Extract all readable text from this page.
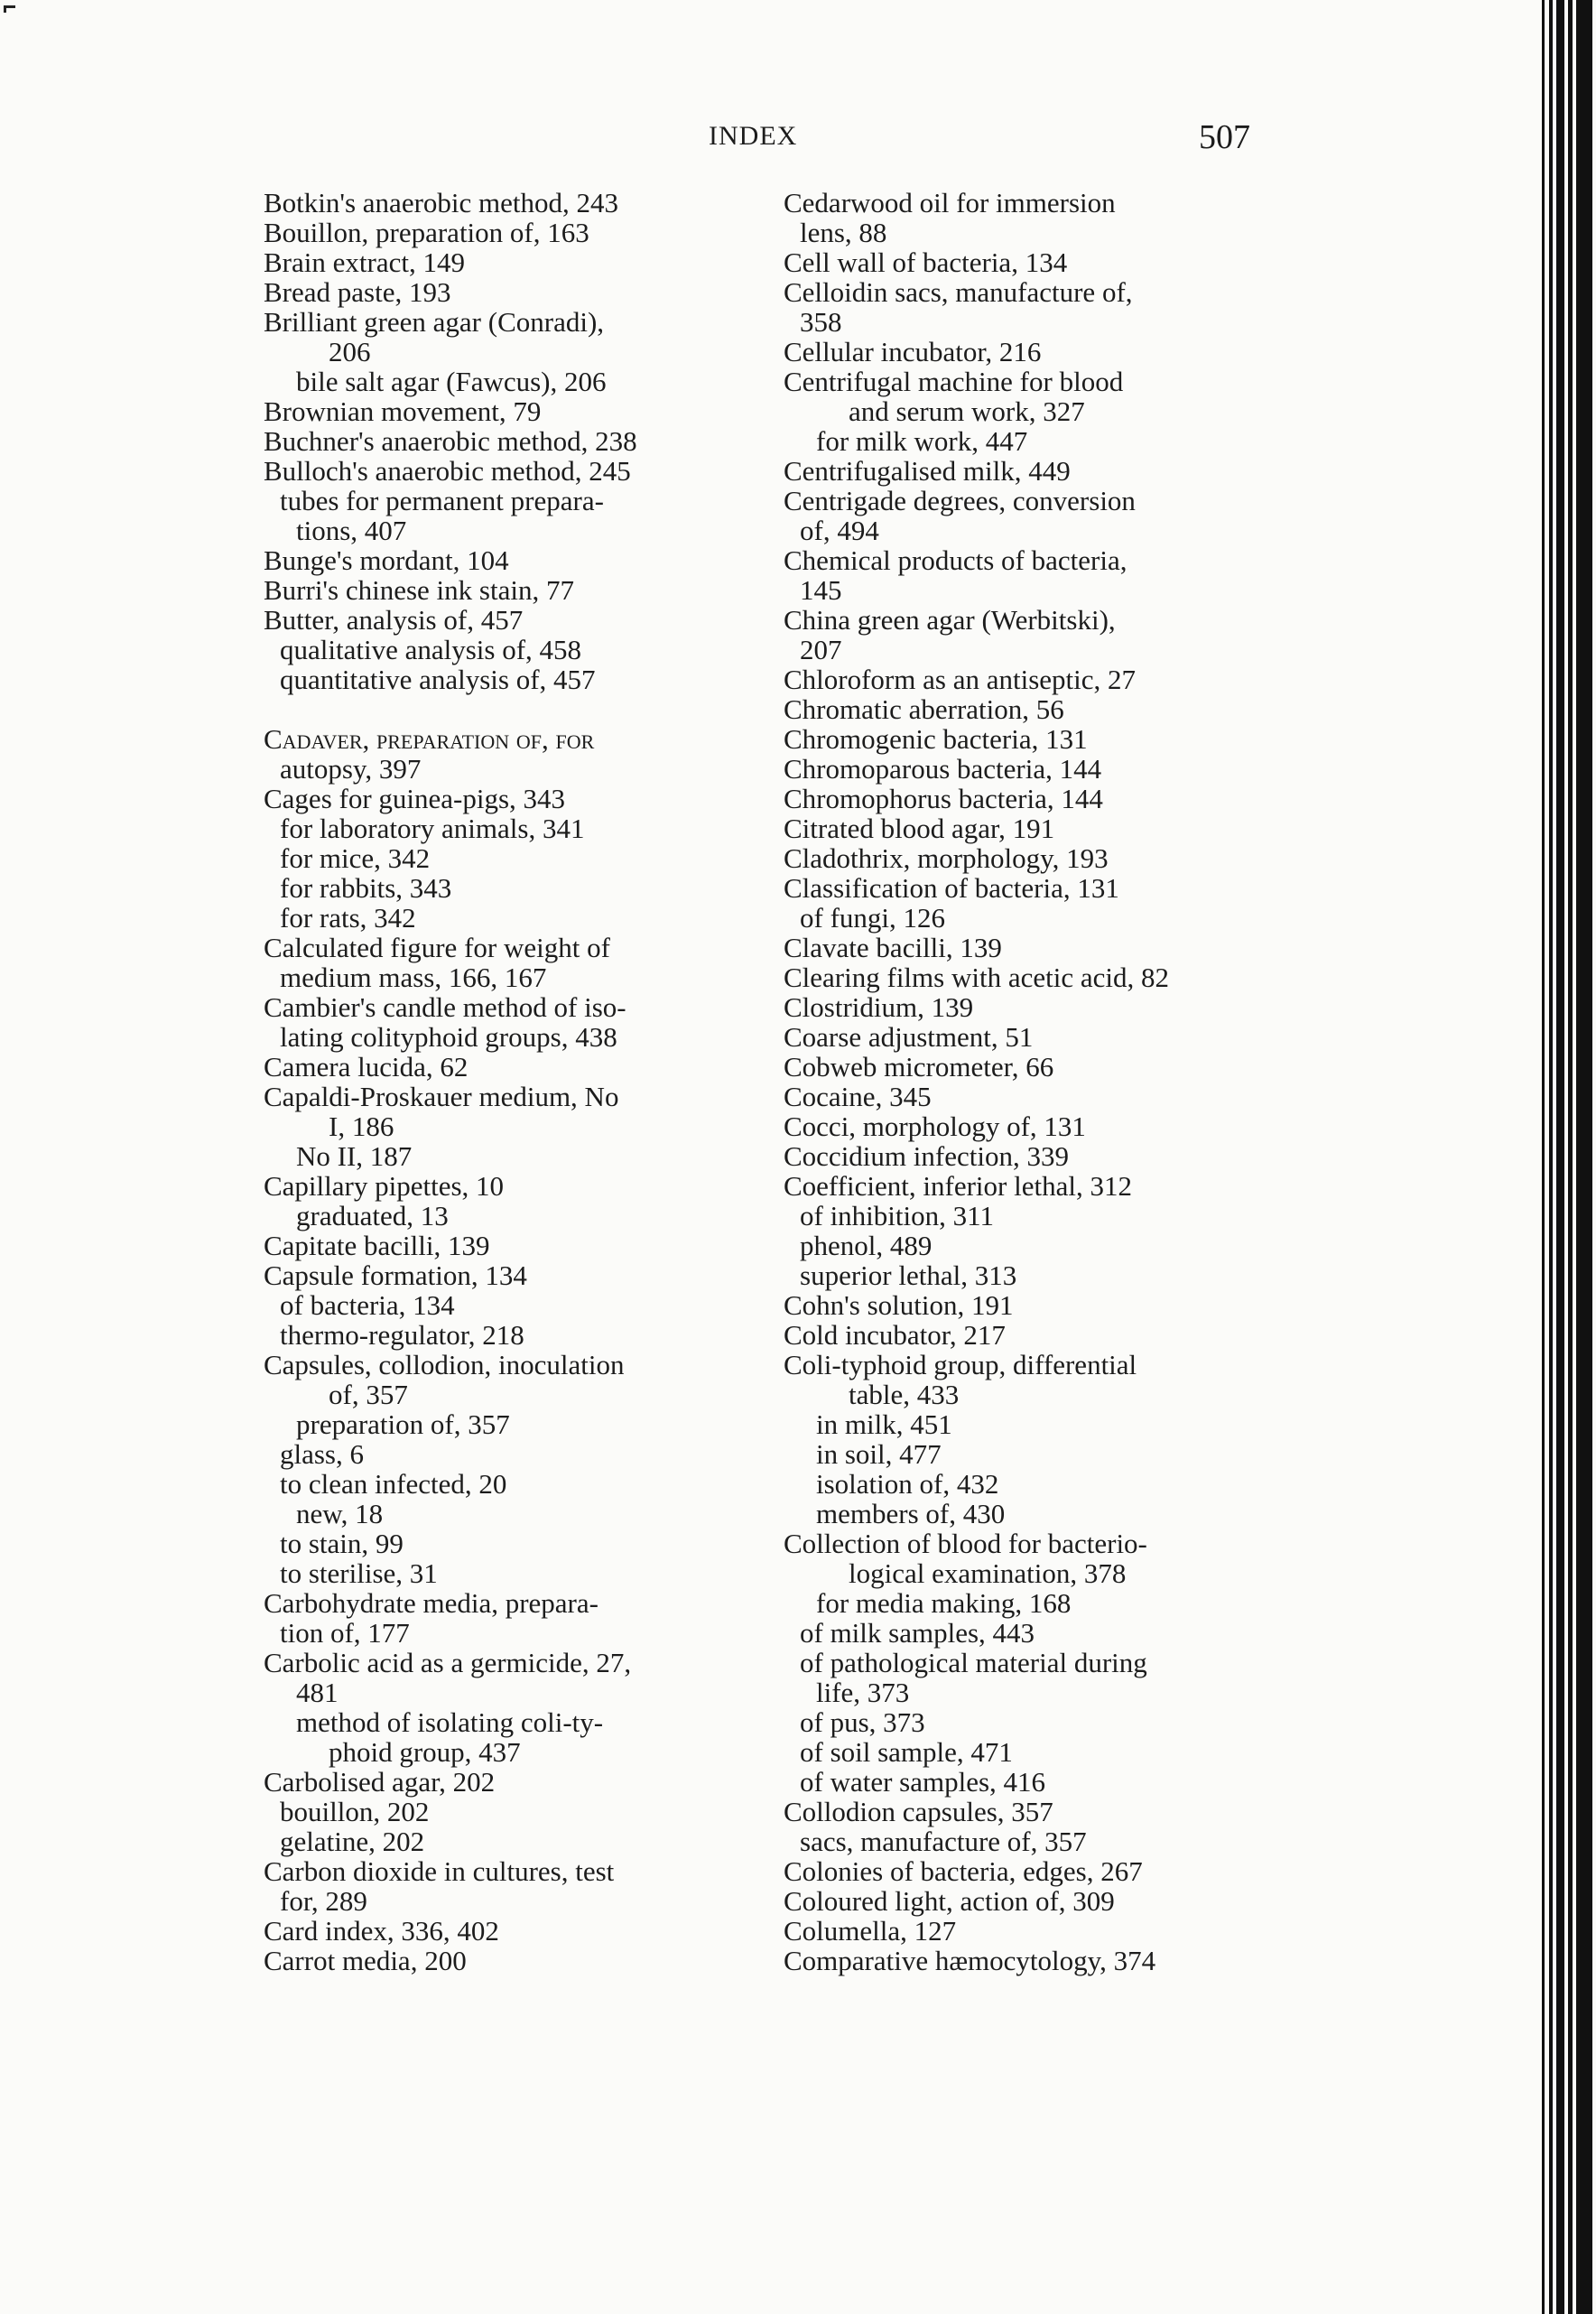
INDEX	507
Botkin's anaerobic method, 243
Bouillon, preparation of, 163
Brain extract, 149
Bread paste, 193
Brilliant green agar (Conradi),
206
bile salt agar (Fawcus), 206
Brownian movement, 79
Buchner's anaerobic method, 238
Bulloch's anaerobic method, 245
tubes for permanent prepara-
tions, 407
Bunge's mordant, 104
Burri's chinese ink stain, 77
Butter, analysis of, 457
qualitative analysis of, 458
quantitative analysis of, 457
Cadaver, preparation of, for
autopsy, 397
Cages for guinea-pigs, 343
for laboratory animals, 341
for mice, 342
for rabbits, 343
for rats, 342
Calculated figure for weight of
medium mass, 166, 167
Cambier's candle method of iso-
lating colityphoid groups, 438
Camera lucida, 62
Capaldi-Proskauer medium, No
I, 186
No II, 187
Capillary pipettes, 10
graduated, 13
Capitate bacilli, 139
Capsule formation, 134
of bacteria, 134
thermo-regulator, 218
Capsules, collodion, inoculation
of, 357
preparation of, 357
glass, 6
to clean infected, 20
new, 18
to stain, 99
to sterilise, 31
Carbohydrate media, prepara-
tion of, 177
Carbolic acid as a germicide, 27,
481
method of isolating coli-ty-
phoid group, 437
Carbolised agar, 202
bouillon, 202
gelatine, 202
Carbon dioxide in cultures, test
for, 289
Card index, 336, 402
Carrot media, 200
Cedarwood oil for immersion
lens, 88
Cell wall of bacteria, 134
Celloidin sacs, manufacture of,
358
Cellular incubator, 216
Centrifugal machine for blood
and serum work, 327
for milk work, 447
Centrifugalised milk, 449
Centrigade degrees, conversion
of, 494
Chemical products of bacteria,
145
China green agar (Werbitski),
207
Chloroform as an antiseptic, 27
Chromatic aberration, 56
Chromogenic bacteria, 131
Chromoparous bacteria, 144
Chromophorus bacteria, 144
Citrated blood agar, 191
Cladothrix, morphology, 193
Classification of bacteria, 131
of fungi, 126
Clavate bacilli, 139
Clearing films with acetic acid, 82
Clostridium, 139
Coarse adjustment, 51
Cobweb micrometer, 66
Cocaine, 345
Cocci, morphology of, 131
Coccidium infection, 339
Coefficient, inferior lethal, 312
of inhibition, 311
phenol, 489
superior lethal, 313
Cohn's solution, 191
Cold incubator, 217
Coli-typhoid group, differential
table, 433
in milk, 451
in soil, 477
isolation of, 432
members of, 430
Collection of blood for bacterio-
logical examination, 378
for media making, 168
of milk samples, 443
of pathological material during
life, 373
of pus, 373
of soil sample, 471
of water samples, 416
Collodion capsules, 357
sacs, manufacture of, 357
Colonies of bacteria, edges, 267
Coloured light, action of, 309
Columella, 127
Comparative hæmocytology, 374
